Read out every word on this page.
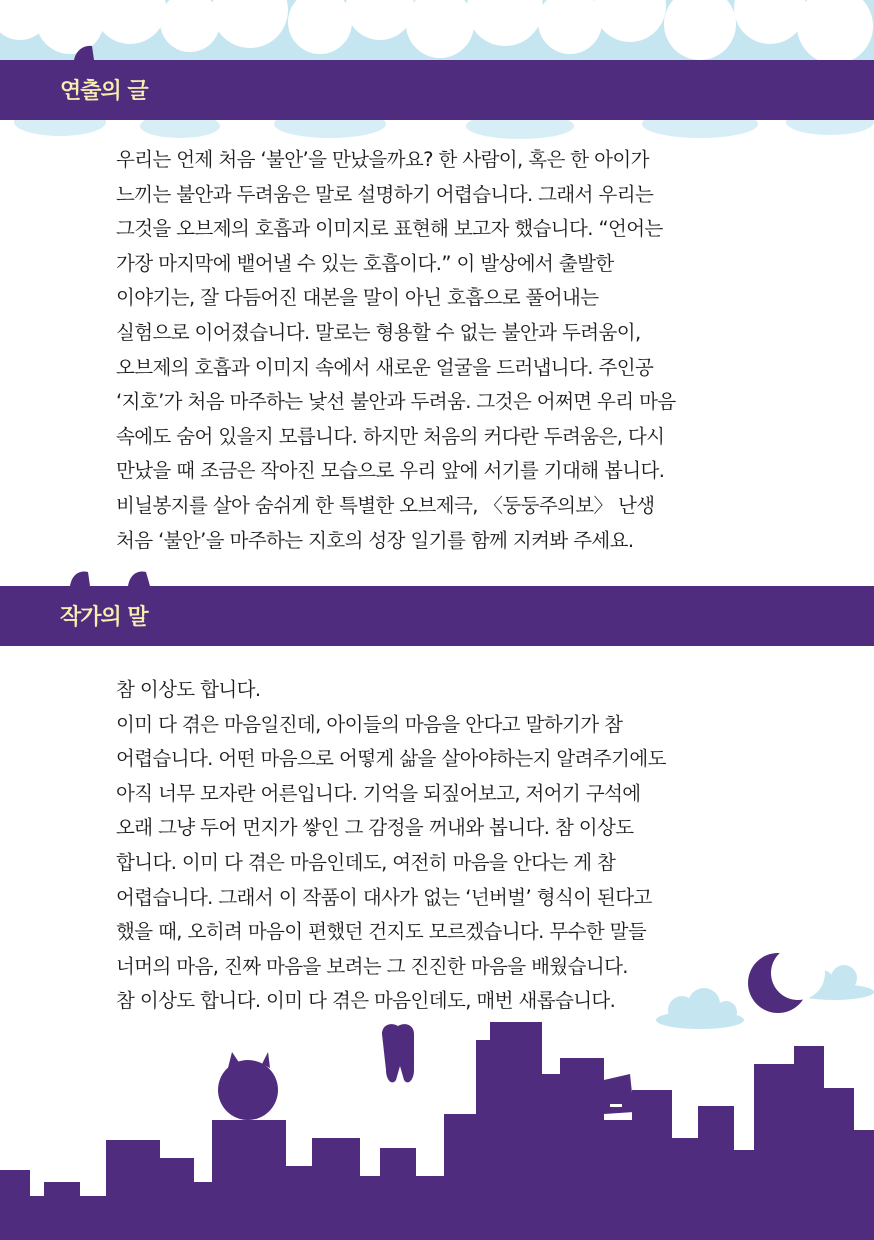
연출의 글

우리는 언제 처음 ‘불안’을 만났을까요? 한 사람이, 혹은 한 아이가

느끼는 불안과 두려움은 말로 설명하기 어렵습니다. 그래서 우리는

그것을 오브제의 호흡과 이미지로 표현해 보고자 했습니다. “언어는

가장 마지막에 뱉어낼 수 있는 호흡이다.” 이 발상에서 출발한

이야기는, 잘 다듬어진 대본을 말이 아닌 호흡으로 풀어내는

실험으로 이어졌습니다. 말로는 형용할 수 없는 불안과 두려움이,

오브제의 호흡과 이미지 속에서 새로운 얼굴을 드러냅니다. 주인공

‘지호’가 처음 마주하는 낯선 불안과 두려움. 그것은 어쩌면 우리 마음

속에도 숨어 있을지 모릅니다. 하지만 처음의 커다란 두려움은, 다시

만났을 때 조금은 작아진 모습으로 우리 앞에 서기를 기대해 봅니다.

비닐봉지를 살아 숨쉬게 한 특별한 오브제극, 〈둥둥주의보〉 난생

처음 ‘불안’을 마주하는 지호의 성장 일기를 함께 지켜봐 주세요.

작가의 말

참 이상도 합니다.

이미 다 겪은 마음일진데, 아이들의 마음을 안다고 말하기가 참

어렵습니다. 어떤 마음으로 어떻게 삶을 살아야하는지 알려주기에도

아직 너무 모자란 어른입니다. 기억을 되짚어보고, 저어기 구석에

오래 그냥 두어 먼지가 쌓인 그 감정을 꺼내와 봅니다. 참 이상도

합니다. 이미 다 겪은 마음인데도, 여전히 마음을 안다는 게 참

어렵습니다. 그래서 이 작품이 대사가 없는 ‘넌버벌’ 형식이 된다고

했을 때, 오히려 마음이 편했던 건지도 모르겠습니다. 무수한 말들

너머의 마음, 진짜 마음을 보려는 그 진진한 마음을 배웠습니다.

참 이상도 합니다. 이미 다 겪은 마음인데도, 매번 새롭습니다.
